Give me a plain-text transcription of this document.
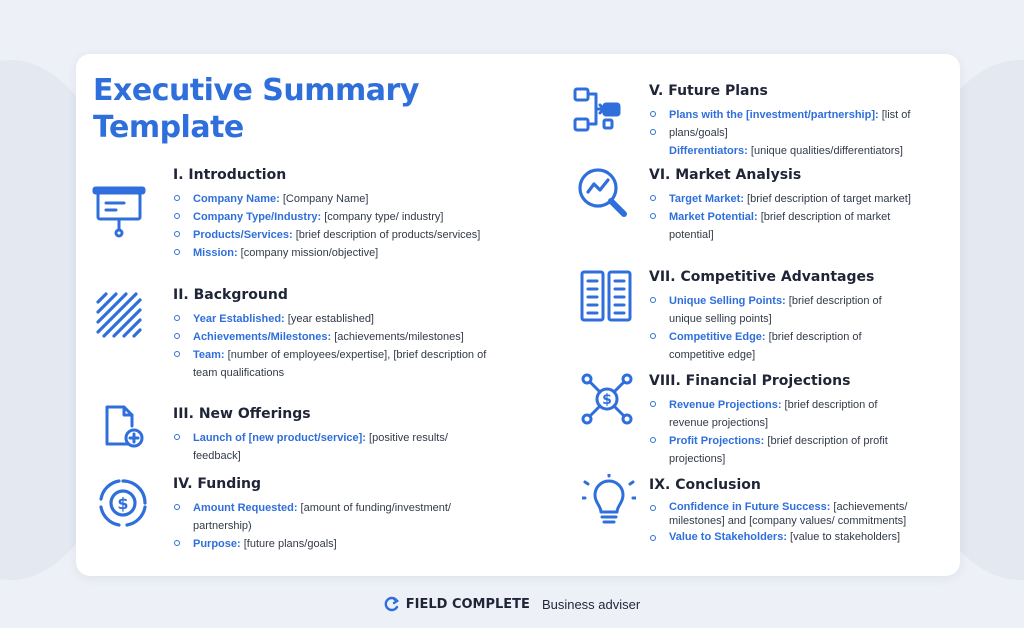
Executive Summary
Template
$
$
I. Introduction
Company Name: [Company Name]
Company Type/Industry: [company type/ industry]
Products/Services: [brief description of products/services]
Mission: [company mission/objective]
II. Background
Year Established: [year established]
Achievements/Milestones: [achievements/milestones]
Team: [number of employees/expertise], [brief description of team qualifications
III. New Offerings
Launch of [new product/service]: [positive results/ feedback]
IV. Funding
Amount Requested: [amount of funding/investment/ partnership)
Purpose: [future plans/goals]
V. Future Plans
Plans with the [investment/partnership]: [list of
plans/goals]
Differentiators: [unique qualities/differentiators]
VI. Market Analysis
Target Market: [brief description of target market]
Market Potential: [brief description of market potential]
VII. Competitive Advantages
Unique Selling Points: [brief description of unique selling points]
Competitive Edge: [brief description of competitive edge]
VIII. Financial Projections
Revenue Projections: [brief description of revenue projections]
Profit Projections: [brief description of profit projections]
IX. Conclusion
Confidence in Future Success: [achievements/ milestones] and [company values/ commitments]
Value to Stakeholders: [value to stakeholders]
FIELD COMPLETE Business adviser
